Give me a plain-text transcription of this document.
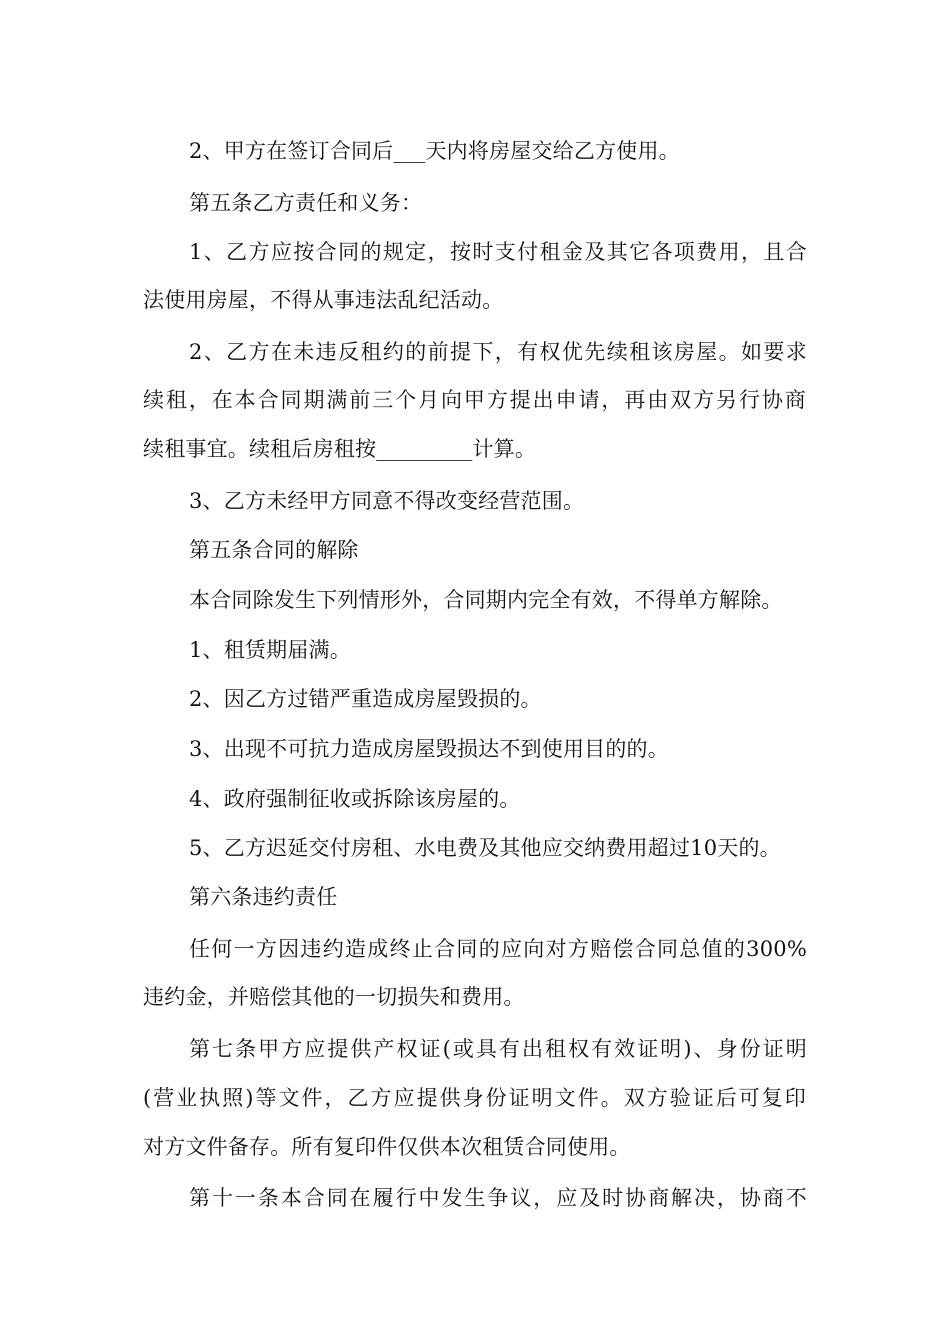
2、甲方在签订合同后___天内将房屋交给乙方使用。
第五条乙方责任和义务：
1、乙方应按合同的规定，按时支付租金及其它各项费用，且合
法使用房屋，不得从事违法乱纪活动。
2、乙方在未违反租约的前提下，有权优先续租该房屋。如要求
续租，在本合同期满前三个月向甲方提出申请，再由双方另行协商
续租事宜。续租后房租按_________计算。
3、乙方未经甲方同意不得改变经营范围。
第五条合同的解除
本合同除发生下列情形外，合同期内完全有效，不得单方解除。
1、租赁期届满。
2、因乙方过错严重造成房屋毁损的。
3、出现不可抗力造成房屋毁损达不到使用目的的。
4、政府强制征收或拆除该房屋的。
5、乙方迟延交付房租、水电费及其他应交纳费用超过10天的。
第六条违约责任
任何一方因违约造成终止合同的应向对方赔偿合同总值的300%
违约金，并赔偿其他的一切损失和费用。
第七条甲方应提供产权证(或具有出租权有效证明)、身份证明
(营业执照)等文件，乙方应提供身份证明文件。双方验证后可复印
对方文件备存。所有复印件仅供本次租赁合同使用。
第十一条本合同在履行中发生争议，应及时协商解决，协商不
